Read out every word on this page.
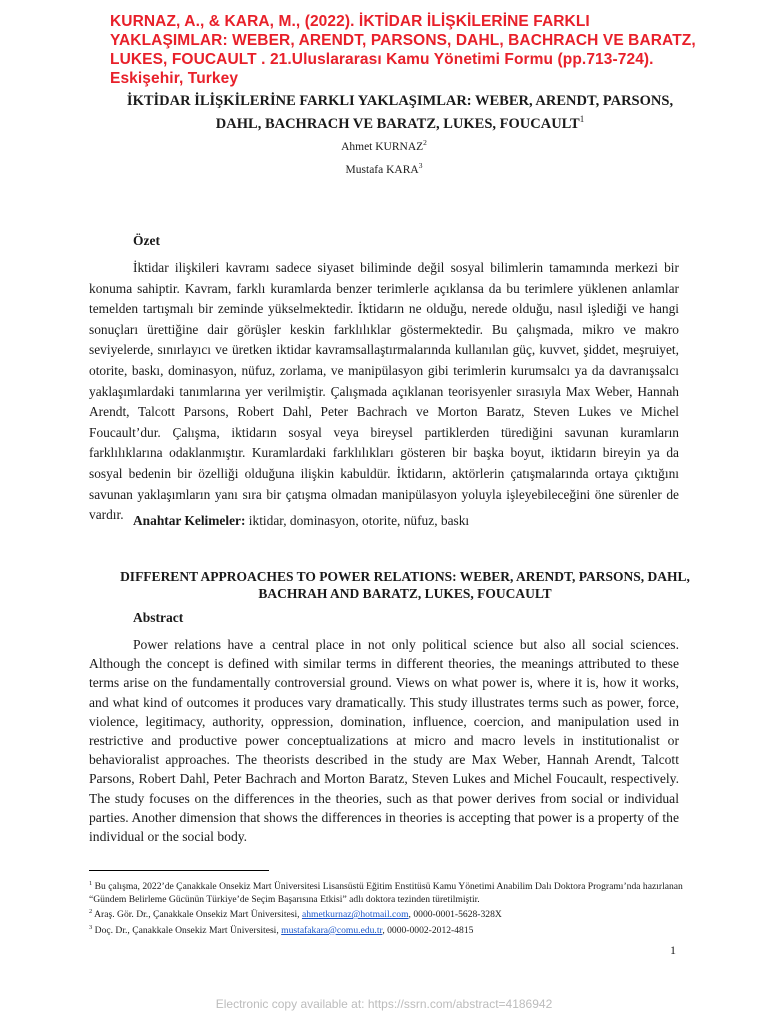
KURNAZ, A., & KARA, M., (2022). İKTİDAR İLİŞKİLERİNE FARKLI YAKLAŞIMLAR: WEBER, ARENDT, PARSONS, DAHL, BACHRACH VE BARATZ, LUKES, FOUCAULT . 21.Uluslararası Kamu Yönetimi Formu (pp.713-724). Eskişehir, Turkey
İKTİDAR İLİŞKİLERİNE FARKLI YAKLAŞIMLAR: WEBER, ARENDT, PARSONS, DAHL, BACHRACH VE BARATZ, LUKES, FOUCAULT$^1$
Ahmet KURNAZ$^2$
Mustafa KARA$^3$
Özet
İktidar ilişkileri kavramı sadece siyaset biliminde değil sosyal bilimlerin tamamında merkezi bir konuma sahiptir. Kavram, farklı kuramlarda benzer terimlerle açıklansa da bu terimlere yüklenen anlamlar temelden tartışmalı bir zeminde yükselmektedir. İktidarın ne olduğu, nerede olduğu, nasıl işlediği ve hangi sonuçları ürettiğine dair görüşler keskin farklılıklar göstermektedir. Bu çalışmada, mikro ve makro seviyelerde, sınırlayıcı ve üretken iktidar kavramsallaştırmalarında kullanılan güç, kuvvet, şiddet, meşruiyet, otorite, baskı, dominasyon, nüfuz, zorlama, ve manipülasyon gibi terimlerin kurumsalcı ya da davranışsalcı yaklaşımlardaki tanımlarına yer verilmiştir. Çalışmada açıklanan teorisyenler sırasıyla Max Weber, Hannah Arendt, Talcott Parsons, Robert Dahl, Peter Bachrach ve Morton Baratz, Steven Lukes ve Michel Foucault’dur. Çalışma, iktidarın sosyal veya bireysel partiklerden türediğini savunan kuramların farklılıklarına odaklanmıştır. Kuramlardaki farklılıkları gösteren bir başka boyut, iktidarın bireyin ya da sosyal bedenin bir özelliği olduğuna ilişkin kabuldür. İktidarın, aktörlerin çatışmalarında ortaya çıktığını savunan yaklaşımların yanı sıra bir çatışma olmadan manipülasyon yoluyla işleyebileceğini öne sürenler de vardır. Anahtar Kelimeler: iktidar, dominasyon, otorite, nüfuz, baskı
DIFFERENT APPROACHES TO POWER RELATIONS: WEBER, ARENDT, PARSONS, DAHL, BACHRAH AND BARATZ, LUKES, FOUCAULT
Abstract
Power relations have a central place in not only political science but also all social sciences. Although the concept is defined with similar terms in different theories, the meanings attributed to these terms arise on the fundamentally controversial ground. Views on what power is, where it is, how it works, and what kind of outcomes it produces vary dramatically. This study illustrates terms such as power, force, violence, legitimacy, authority, oppression, domination, influence, coercion, and manipulation used in restrictive and productive power conceptualizations at micro and macro levels in institutionalist or behavioralist approaches. The theorists described in the study are Max Weber, Hannah Arendt, Talcott Parsons, Robert Dahl, Peter Bachrach and Morton Baratz, Steven Lukes and Michel Foucault, respectively. The study focuses on the differences in the theories, such as that power derives from social or individual parties. Another dimension that shows the differences in theories is accepting that power is a property of the individual or the social body.
$^1$ Bu çalışma, 2022’de Çanakkale Onsekiz Mart Üniversitesi Lisansüstü Eğitim Enstitüsü Kamu Yönetimi Anabilim Dalı Doktora Programı’nda hazırlanan “Gündem Belirleme Gücünün Türkiye’de Seçim Başarısına Etkisi” adlı doktora tezinden türetilmiştir.
$^2$ Araş. Gör. Dr., Çanakkale Onsekiz Mart Üniversitesi, ahmetkurnaz@hotmail.com, 0000-0001-5628-328X
$^3$ Doç. Dr., Çanakkale Onsekiz Mart Üniversitesi, mustafakara@comu.edu.tr, 0000-0002-2012-4815
1
Electronic copy available at: https://ssrn.com/abstract=4186942
